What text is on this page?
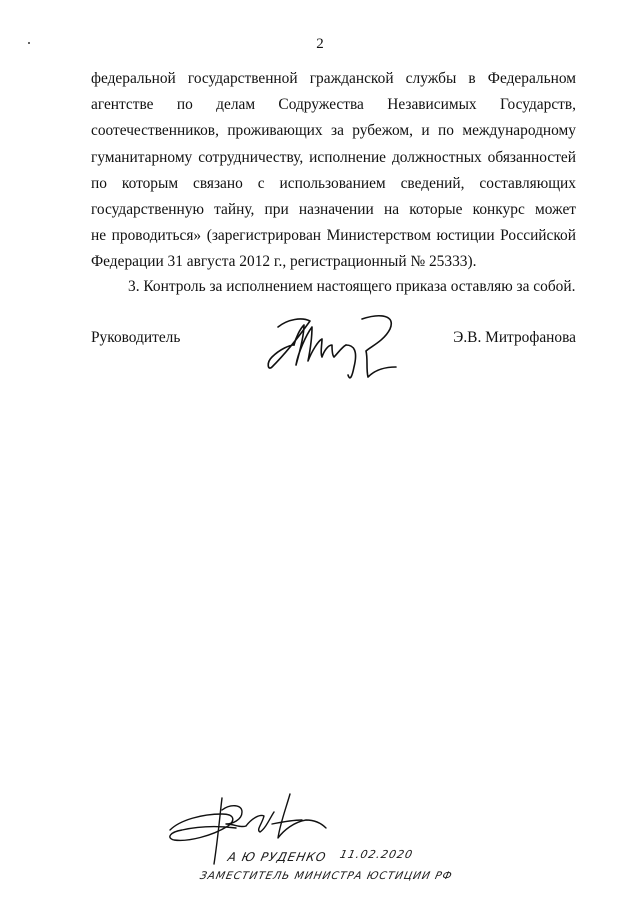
2
федеральной государственной гражданской службы в Федеральном
агентстве по делам Содружества Независимых Государств,
соотечественников, проживающих за рубежом, и по международному
гуманитарному сотрудничеству, исполнение должностных обязанностей
по которым связано с использованием сведений, составляющих
государственную тайну, при назначении на которые конкурс может
не проводиться» (зарегистрирован Министерством юстиции Российской
Федерации 31 августа 2012 г., регистрационный № 25333).
3. Контроль за исполнением настоящего приказа оставляю за собой.
Руководитель	Э.В. Митрофанова
А Ю РУДЕНКО 11.02.2020
ЗАМЕСТИТЕЛЬ МИНИСТРА ЮСТИЦИИ РФ
